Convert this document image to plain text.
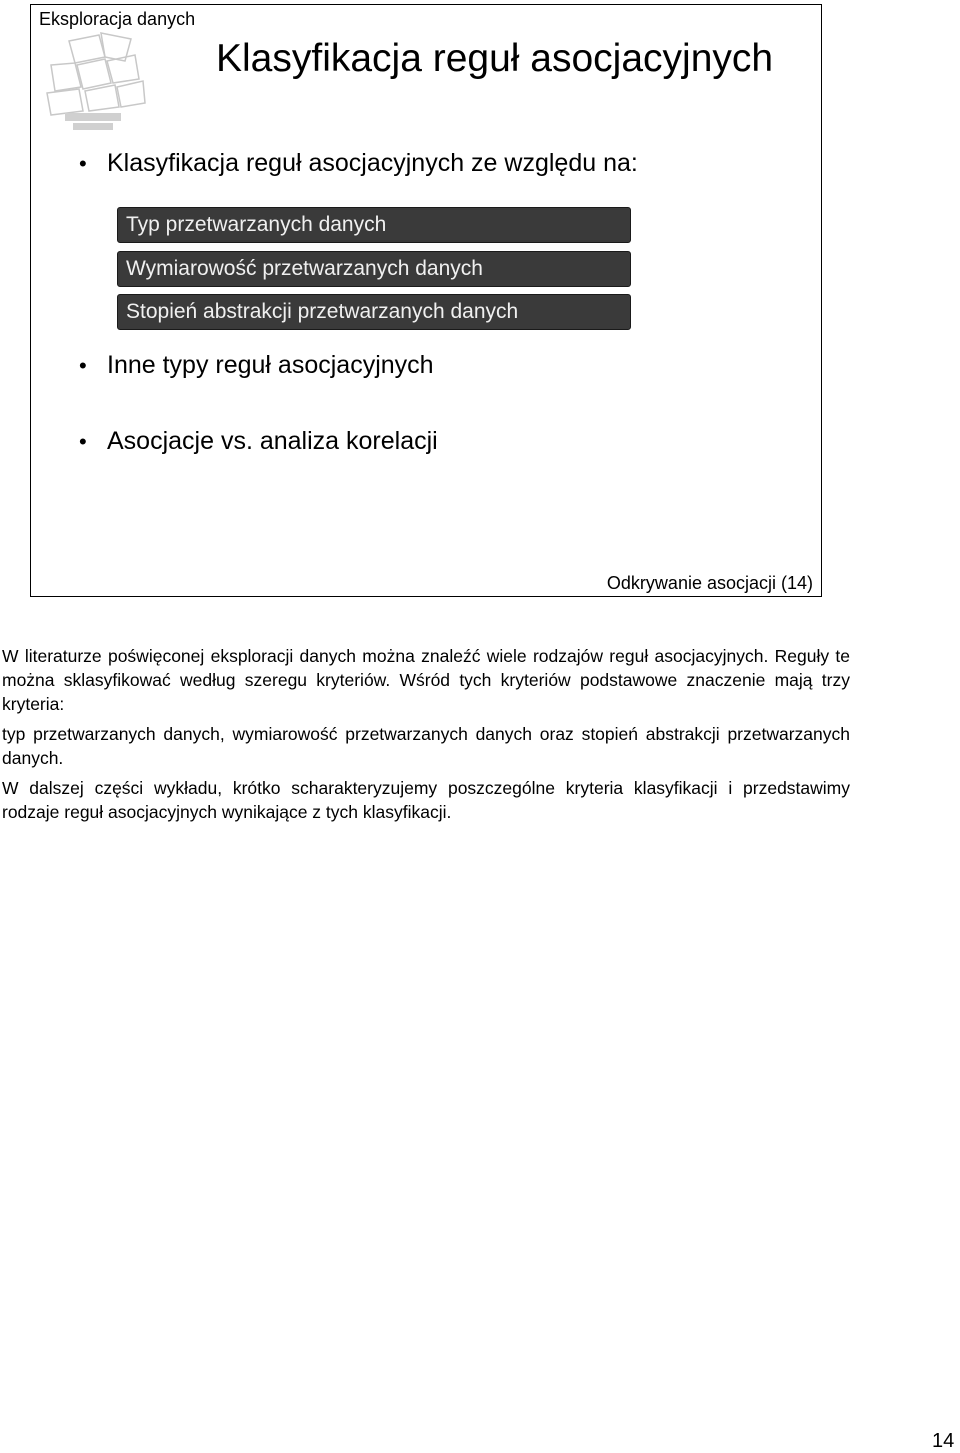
Eksploracja danych
Klasyfikacja reguł asocjacyjnych
• Klasyfikacja reguł asocjacyjnych ze względu na:
Typ przetwarzanych danych
Wymiarowość przetwarzanych danych
Stopień abstrakcji przetwarzanych danych
• Inne typy reguł asocjacyjnych
• Asocjacje vs. analiza korelacji
Odkrywanie asocjacji (14)

W literaturze poświęconej eksploracji danych można znaleźć wiele rodzajów reguł asocjacyjnych. Reguły te można sklasyfikować według szeregu kryteriów. Wśród tych kryteriów podstawowe znaczenie mają trzy kryteria:

typ przetwarzanych danych, wymiarowość przetwarzanych danych oraz stopień abstrakcji przetwarzanych danych.

W dalszej części wykładu, krótko scharakteryzujemy poszczególne kryteria klasyfikacji i przedstawimy rodzaje reguł asocjacyjnych wynikające z tych klasyfikacji.

14
